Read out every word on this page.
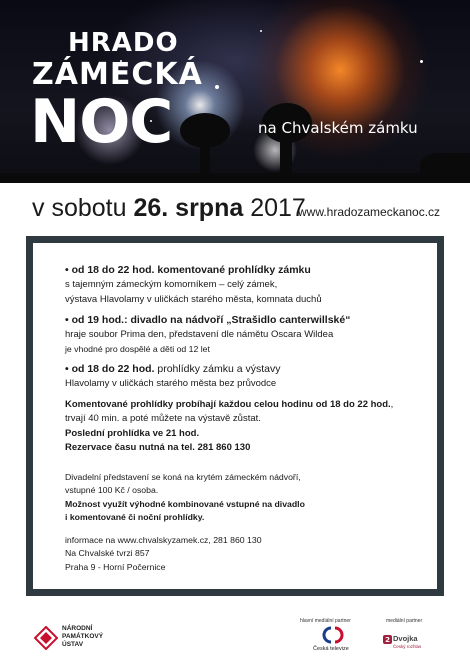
HRADO
ZÁMECKÁ
NOC	na Chvalském zámku
v sobotu 26. srpna 2017
www.hradozameckanoc.cz

• od 18 do 22 hod. komentované prohlídky zámku

s tajemným zámeckým komorníkem – celý zámek,

výstava Hlavolamy v uličkách starého města, komnata duchů

• od 19 hod.: divadlo na nádvoří „Strašidlo canterwillské“

hraje soubor Prima den, představení dle námětu Oscara Wildea

je vhodné pro dospělé a děti od 12 let

• od 18 do 22 hod. prohlídky zámku a výstavy

Hlavolamy v uličkách starého města bez průvodce

Komentované prohlídky probíhají každou celou hodinu od 18 do 22 hod.,

trvají 40 min. a poté můžete na výstavě zůstat.

Poslední prohlídka ve 21 hod.

Rezervace času nutná na tel. 281 860 130

Divadelní představení se koná na krytém zámeckém nádvoří,

vstupné 100 Kč / osoba.

Možnost využít výhodné kombinované vstupné na divadlo

i komentované či noční prohlídky.

informace na www.chvalskyzamek.cz, 281 860 130

Na Chvalské tvrzi 857

Praha 9 - Horní Počernice

NÁRODNÍ
PAMÁTKOVÝ
ÚSTAV
hlavní mediální partner
Česká televize
mediální partner
2 Dvojka
Český rozhlas
